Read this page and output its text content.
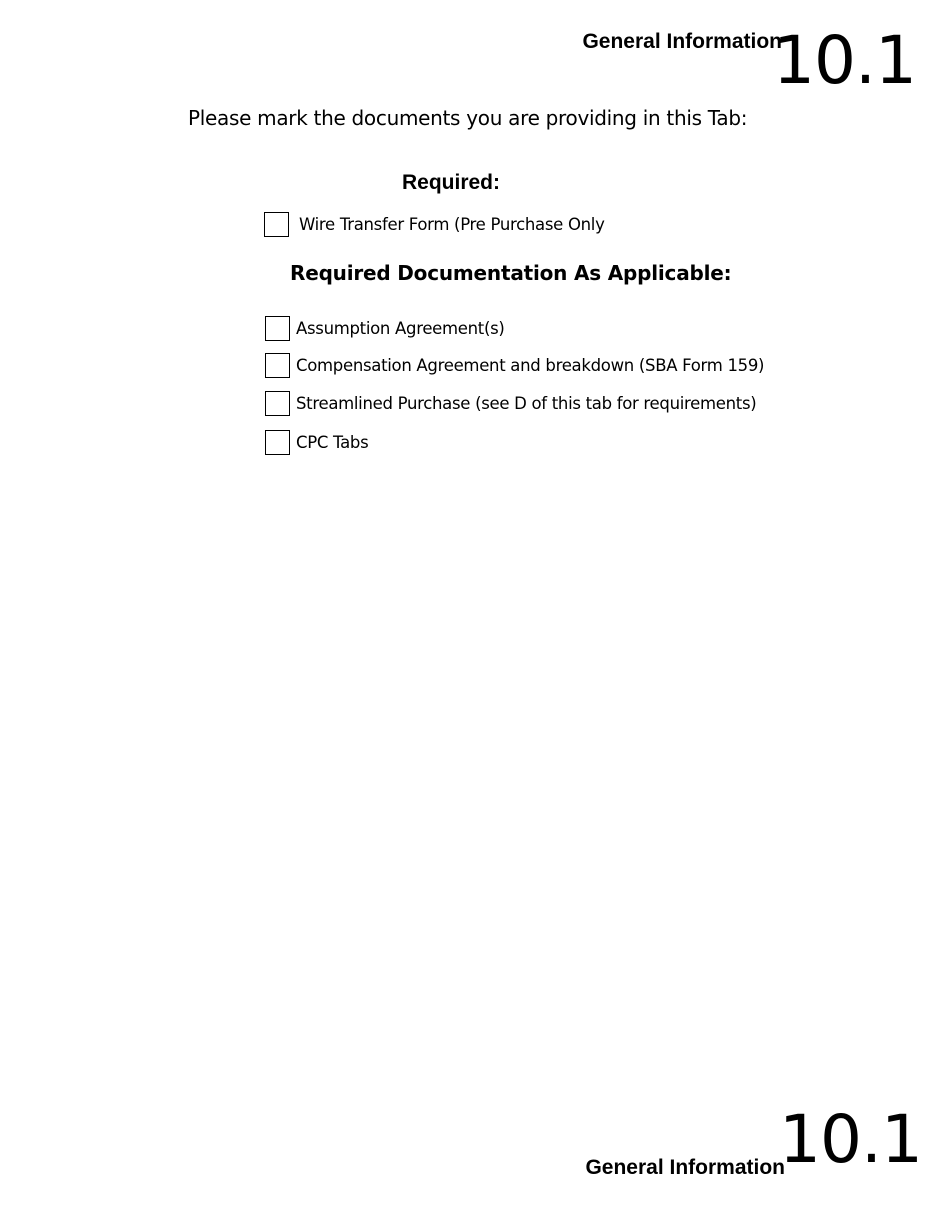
General Information
10.1
Please mark the documents you are providing in this Tab:
Required:
Wire Transfer Form (Pre Purchase Only
Required Documentation As Applicable:
Assumption Agreement(s)
Compensation Agreement and breakdown (SBA Form 159)
Streamlined Purchase (see D of this tab for requirements)
CPC Tabs
General Information
10.1
